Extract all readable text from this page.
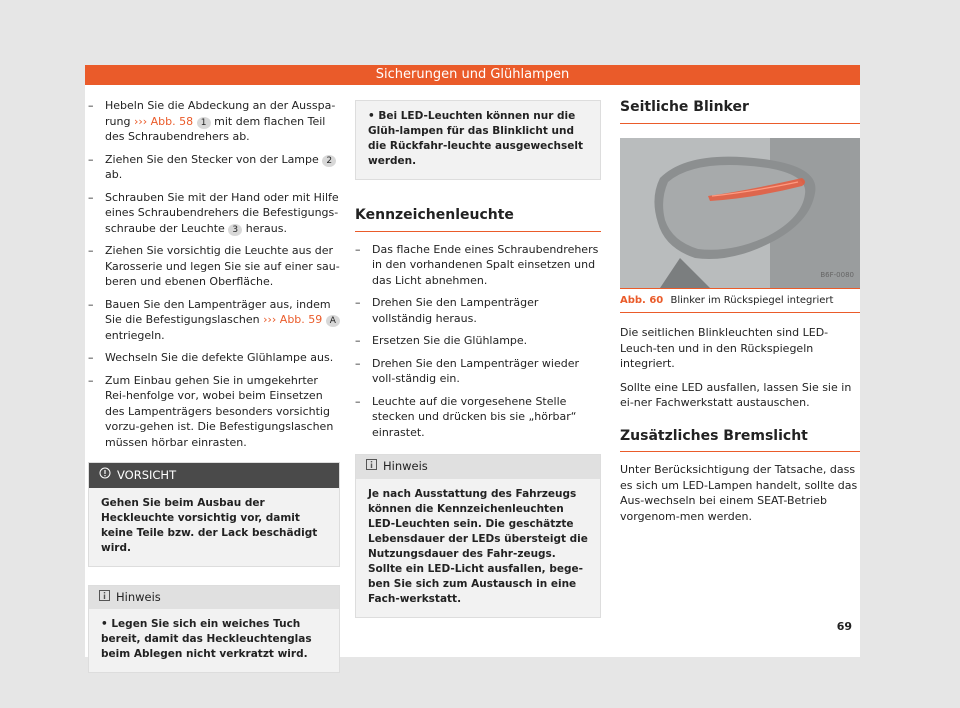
Sicherungen und Glühlampen
– Hebeln Sie die Abdeckung an der Ausspa-rung ››› Abb. 58 1 mit dem flachen Teil des Schraubendrehers ab.
– Ziehen Sie den Stecker von der Lampe 2 ab.
– Schrauben Sie mit der Hand oder mit Hilfe eines Schraubendrehers die Befestigungs-schraube der Leuchte 3 heraus.
– Ziehen Sie vorsichtig die Leuchte aus der Karosserie und legen Sie sie auf einer sau-beren und ebenen Oberfläche.
– Bauen Sie den Lampenträger aus, indem Sie die Befestigungslaschen ››› Abb. 59 A entriegeln.
– Wechseln Sie die defekte Glühlampe aus.
– Zum Einbau gehen Sie in umgekehrter Rei-henfolge vor, wobei beim Einsetzen des Lampenträgers besonders vorsichtig vorzu-gehen ist. Die Befestigungslaschen müssen hörbar einrasten.
VORSICHT
Gehen Sie beim Ausbau der Heckleuchte vorsichtig vor, damit keine Teile bzw. der Lack beschädigt wird.
Hinweis
• Legen Sie sich ein weiches Tuch bereit, damit das Heckleuchtenglas beim Ablegen nicht verkratzt wird.
• Bei LED-Leuchten können nur die Glüh-lampen für das Blinklicht und die Rückfahr-leuchte ausgewechselt werden.
Kennzeichenleuchte
– Das flache Ende eines Schraubendrehers in den vorhandenen Spalt einsetzen und das Licht abnehmen.
– Drehen Sie den Lampenträger vollständig heraus.
– Ersetzen Sie die Glühlampe.
– Drehen Sie den Lampenträger wieder voll-ständig ein.
– Leuchte auf die vorgesehene Stelle stecken und drücken bis sie „hörbar“ einrastet.
Hinweis
Je nach Ausstattung des Fahrzeugs können die Kennzeichenleuchten LED-Leuchten sein. Die geschätzte Lebensdauer der LEDs übersteigt die Nutzungsdauer des Fahr-zeugs. Sollte ein LED-Licht ausfallen, bege-ben Sie sich zum Austausch in eine Fach-werkstatt.
Seitliche Blinker
B6F-0080
Abb. 60 Blinker im Rückspiegel integriert

Die seitlichen Blinkleuchten sind LED-Leuch-ten und in den Rückspiegeln integriert.

Sollte eine LED ausfallen, lassen Sie sie in ei-ner Fachwerkstatt austauschen.

Zusätzliches Bremslicht

Unter Berücksichtigung der Tatsache, dass es sich um LED-Lampen handelt, sollte das Aus-wechseln bei einem SEAT-Betrieb vorgenom-men werden.

69
